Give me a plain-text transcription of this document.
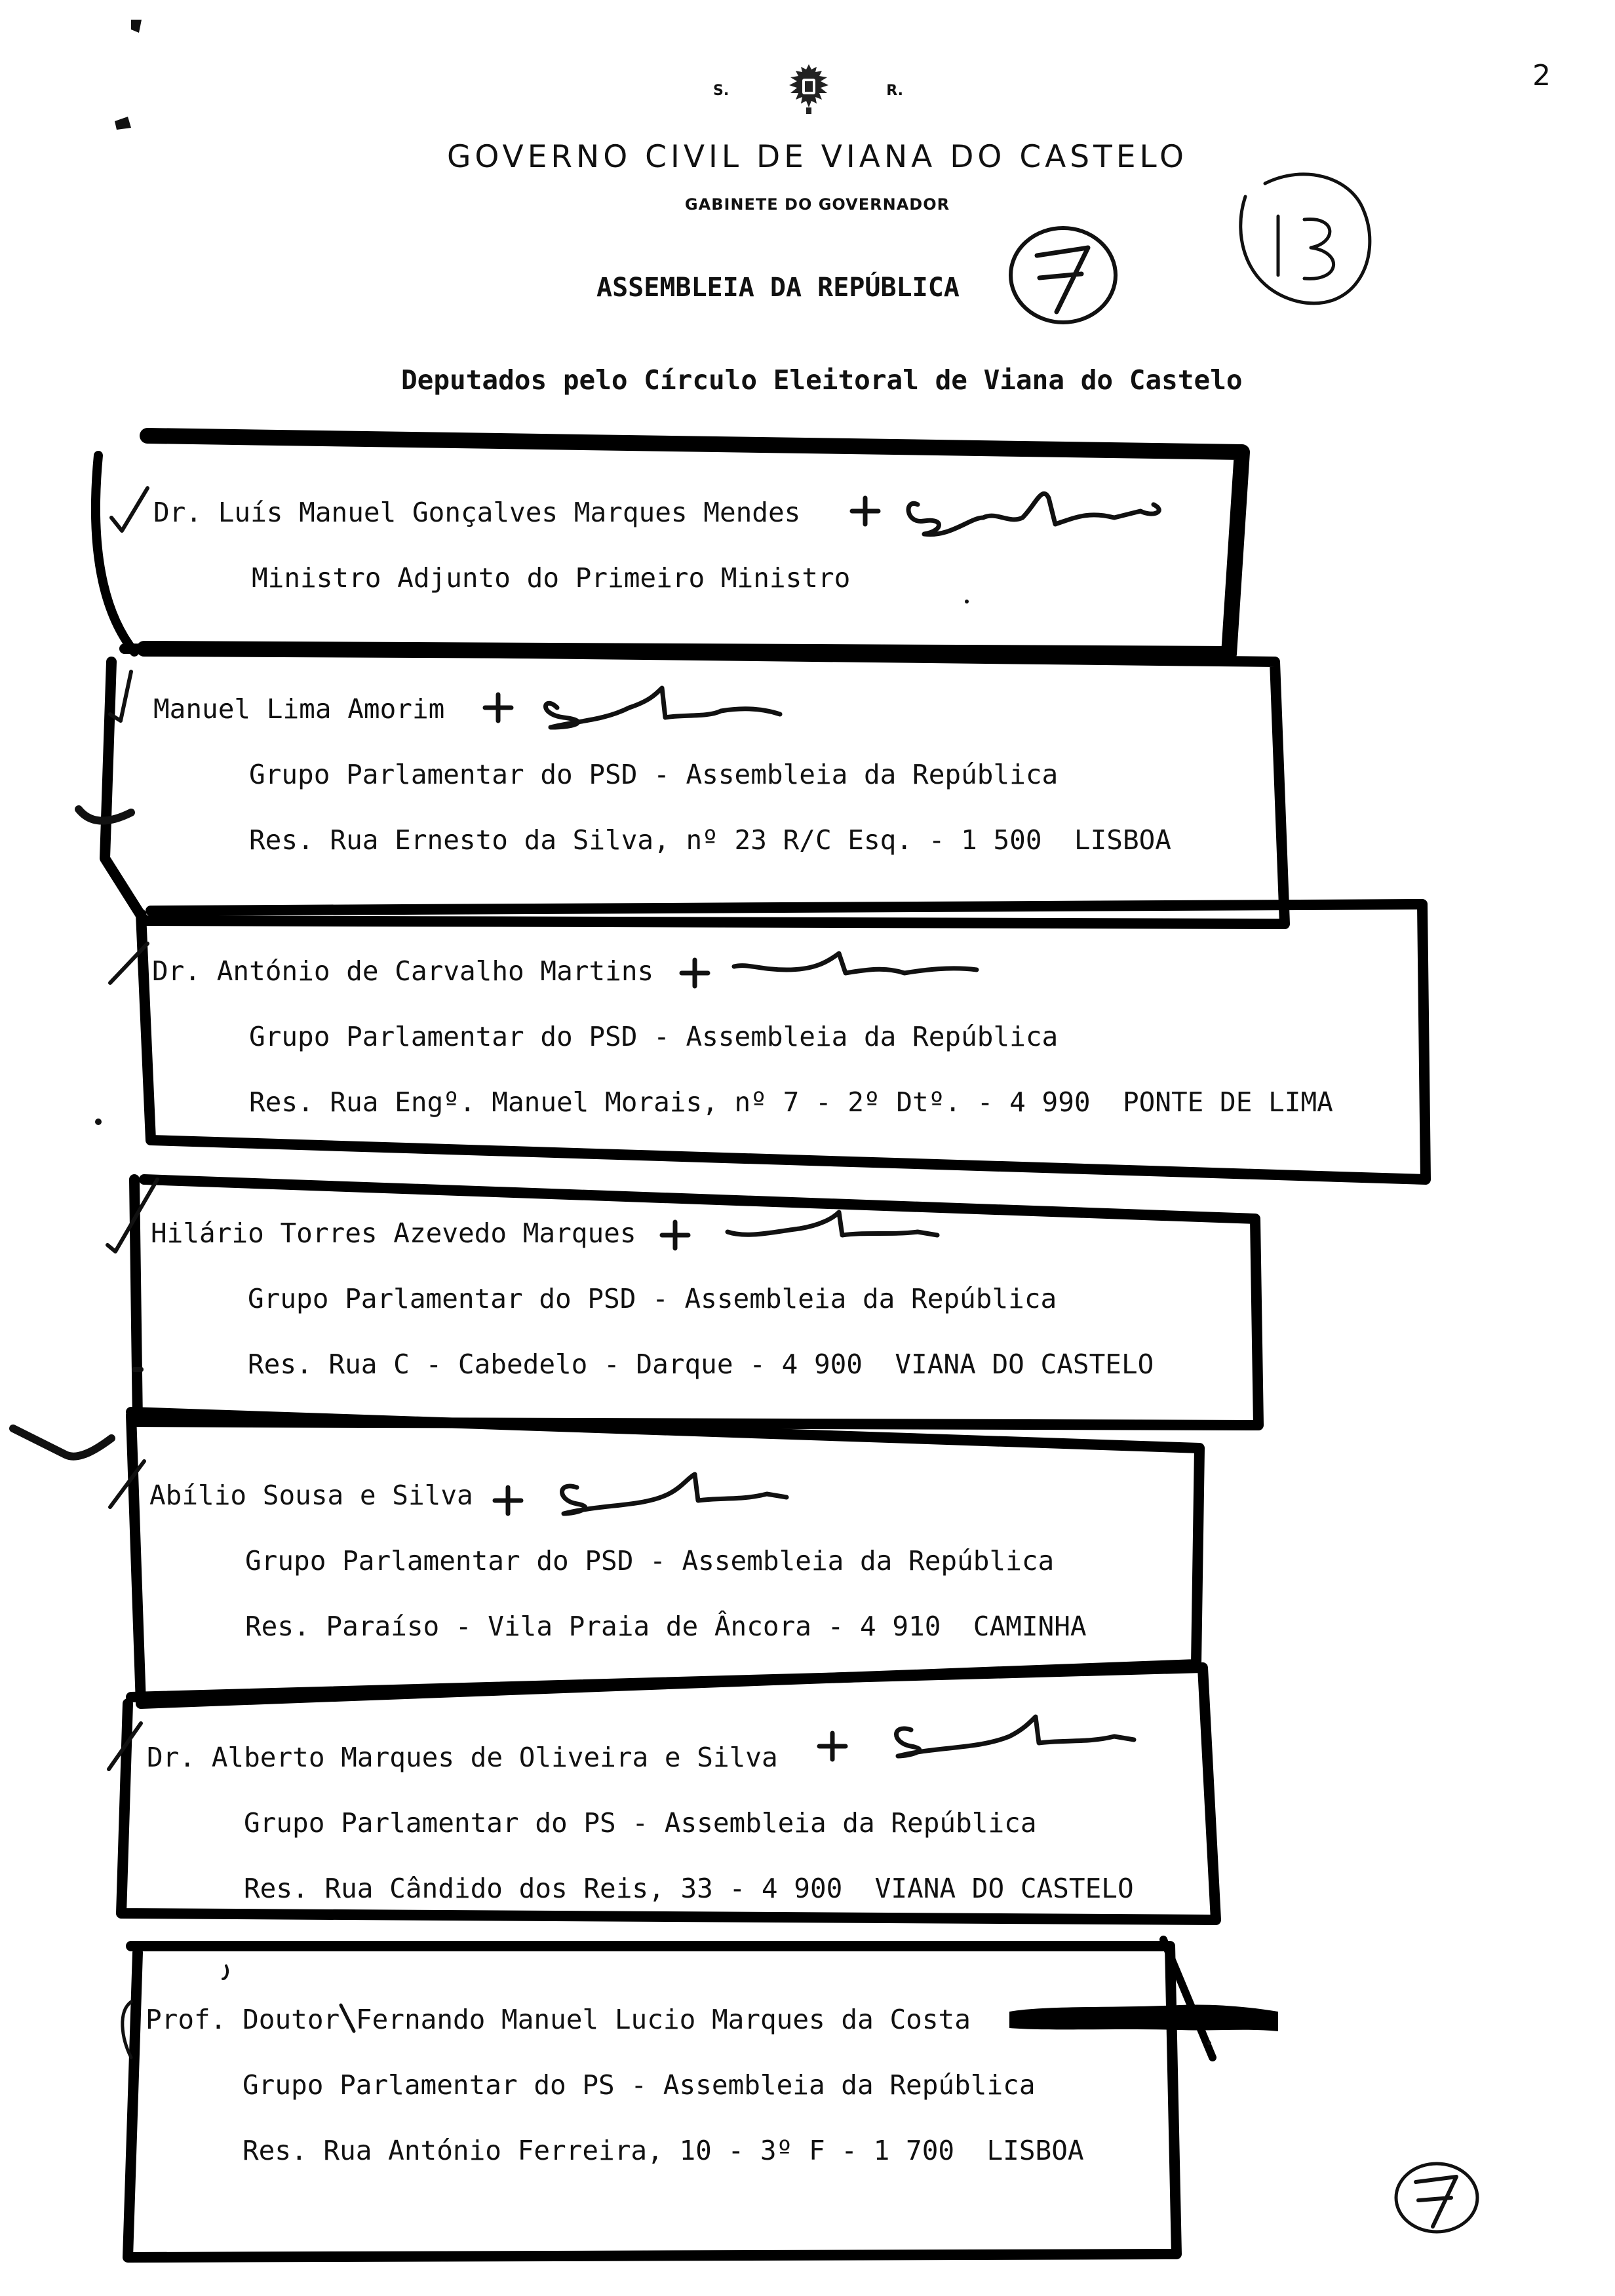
2
S.	R.
GOVERNO CIVIL DE VIANA DO CASTELO
GABINETE DO GOVERNADOR
ASSEMBLEIA DA REPÚBLICA
Deputados pelo Círculo Eleitoral de Viana do Castelo
Dr. Luís Manuel Gonçalves Marques Mendes
Ministro Adjunto do Primeiro Ministro
Manuel Lima Amorim
Grupo Parlamentar do PSD - Assembleia da República
Res. Rua Ernesto da Silva, nº 23 R/C Esq. - 1 500  LISBOA
Dr. António de Carvalho Martins
Grupo Parlamentar do PSD - Assembleia da República
Res. Rua Engº. Manuel Morais, nº 7 - 2º Dtº. - 4 990  PONTE DE LIMA
Hilário Torres Azevedo Marques
Grupo Parlamentar do PSD - Assembleia da República
Res. Rua C - Cabedelo - Darque - 4 900  VIANA DO CASTELO
Abílio Sousa e Silva
Grupo Parlamentar do PSD - Assembleia da República
Res. Paraíso - Vila Praia de Âncora - 4 910  CAMINHA
Dr. Alberto Marques de Oliveira e Silva
Grupo Parlamentar do PS - Assembleia da República
Res. Rua Cândido dos Reis, 33 - 4 900  VIANA DO CASTELO
Prof. Doutor Fernando Manuel Lucio Marques da Costa
Grupo Parlamentar do PS - Assembleia da República
Res. Rua António Ferreira, 10 - 3º F - 1 700  LISBOA
